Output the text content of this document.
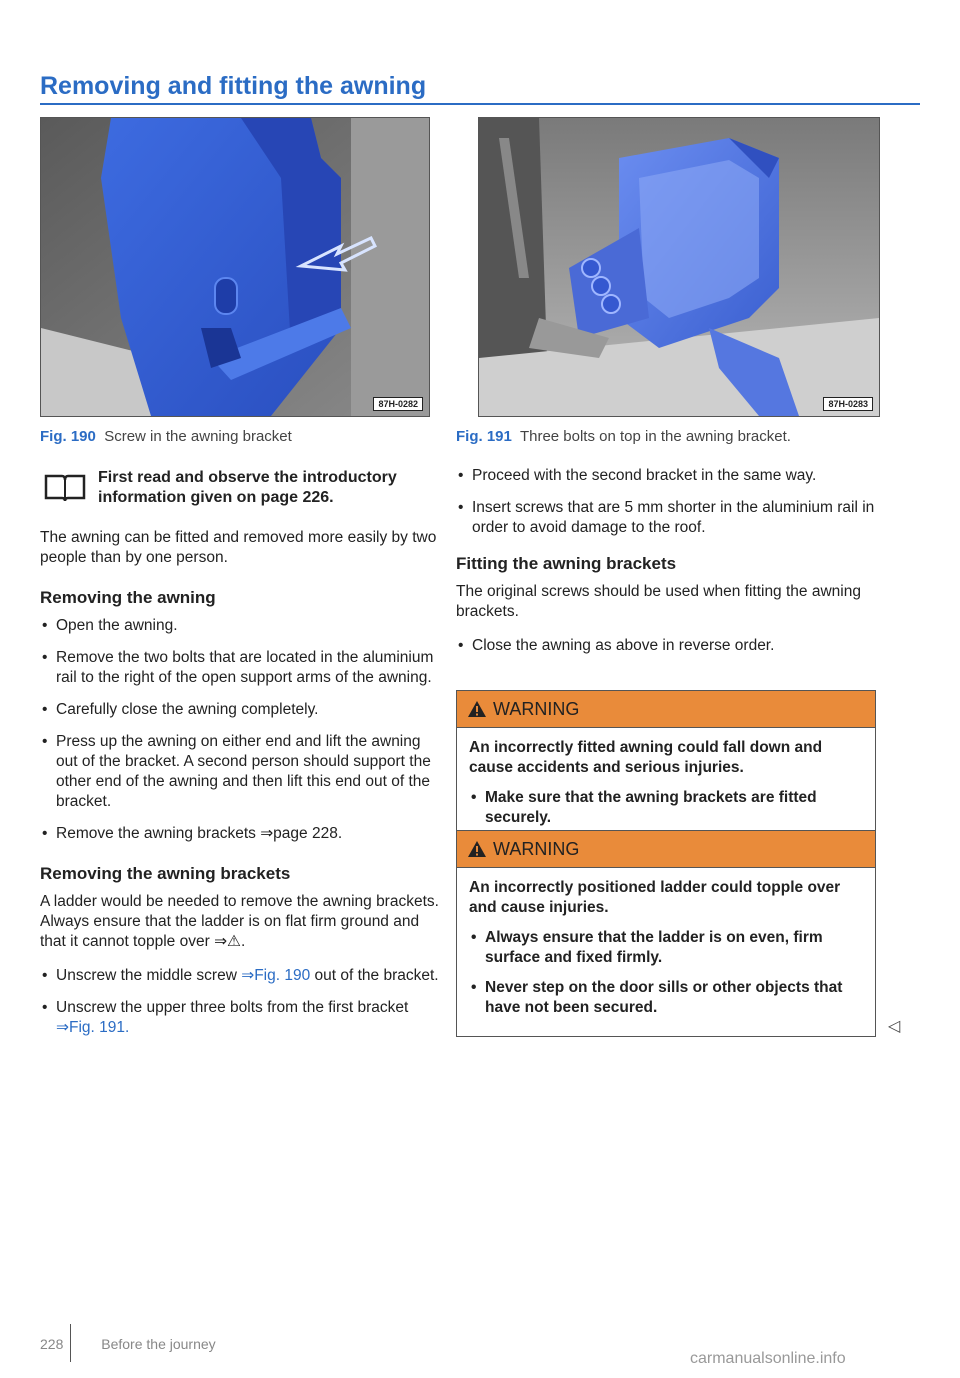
Removing and fitting the awning
87H-0282
Fig. 190 Screw in the awning bracket
87H-0283
Fig. 191 Three bolts on top in the awning bracket.
First read and observe the introductory information given on page 226.

The awning can be fitted and removed more easily by two people than by one person.

Removing the awning
• Open the awning.
• Remove the two bolts that are located in the aluminium rail to the right of the open support arms of the awning.
• Carefully close the awning completely.
• Press up the awning on either end and lift the awning out of the bracket. A second person should support the other end of the awning and then lift this end out of the bracket.
• Remove the awning brackets ⇒page 228.
Removing the awning brackets

A ladder would be needed to remove the awning brackets. Always ensure that the ladder is on flat firm ground and that it cannot topple over ⇒⚠.

• Unscrew the middle screw ⇒Fig. 190 out of the bracket.
• Unscrew the upper three bolts from the first bracket ⇒Fig. 191.
• Proceed with the second bracket in the same way.
• Insert screws that are 5 mm shorter in the aluminium rail in order to avoid damage to the roof.
Fitting the awning brackets

The original screws should be used when fitting the awning brackets.

• Close the awning as above in reverse order.
WARNING

An incorrectly fitted awning could fall down and cause accidents and serious injuries.

• Make sure that the awning brackets are fitted securely.
WARNING

An incorrectly positioned ladder could topple over and cause injuries.

• Always ensure that the ladder is on even, firm surface and fixed firmly.
• Never step on the door sills or other objects that have not been secured.
◁
228	Before the journey
carmanualsonline.info
